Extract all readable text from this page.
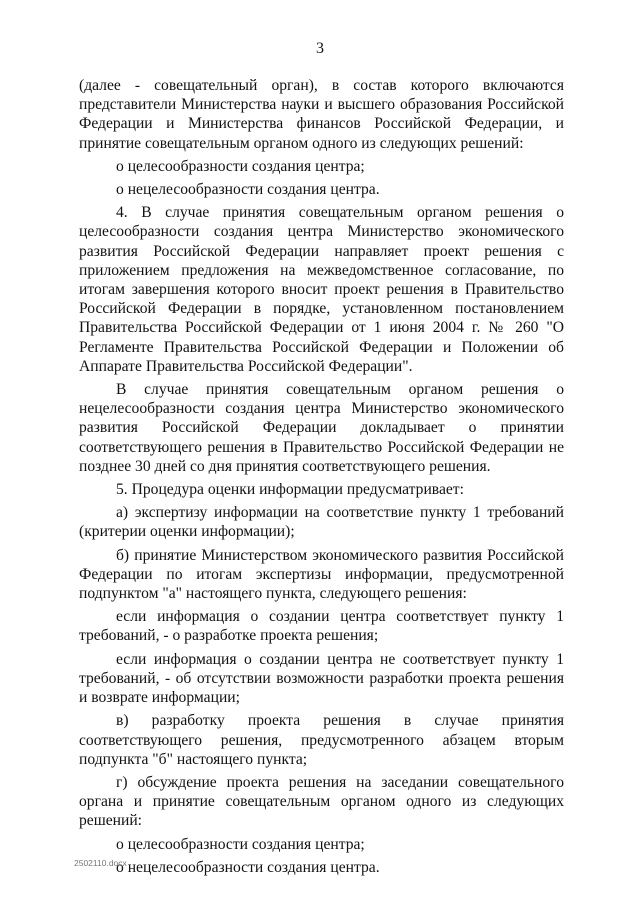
3

(далее - совещательный орган), в состав которого включаются представители Министерства науки и высшего образования Российской Федерации и Министерства финансов Российской Федерации, и принятие совещательным органом одного из следующих решений:

о целесообразности создания центра;

о нецелесообразности создания центра.

4. В случае принятия совещательным органом решения о целесообразности создания центра Министерство экономического развития Российской Федерации направляет проект решения с приложением предложения на межведомственное согласование, по итогам завершения которого вносит проект решения в Правительство Российской Федерации в порядке, установленном постановлением Правительства Российской Федерации от 1 июня 2004 г. № 260 "О Регламенте Правительства Российской Федерации и Положении об Аппарате Правительства Российской Федерации".

В случае принятия совещательным органом решения о нецелесообразности создания центра Министерство экономического развития Российской Федерации докладывает о принятии соответствующего решения в Правительство Российской Федерации не позднее 30 дней со дня принятия соответствующего решения.

5. Процедура оценки информации предусматривает:

а) экспертизу информации на соответствие пункту 1 требований (критерии оценки информации);

б) принятие Министерством экономического развития Российской Федерации по итогам экспертизы информации, предусмотренной подпунктом "а" настоящего пункта, следующего решения:

если информация о создании центра соответствует пункту 1 требований, - о разработке проекта решения;

если информация о создании центра не соответствует пункту 1 требований, - об отсутствии возможности разработки проекта решения и возврате информации;

в) разработку проекта решения в случае принятия соответствующего решения, предусмотренного абзацем вторым подпункта "б" настоящего пункта;

г) обсуждение проекта решения на заседании совещательного органа и принятие совещательным органом одного из следующих решений:

о целесообразности создания центра;

о нецелесообразности создания центра.

2502110.docx
